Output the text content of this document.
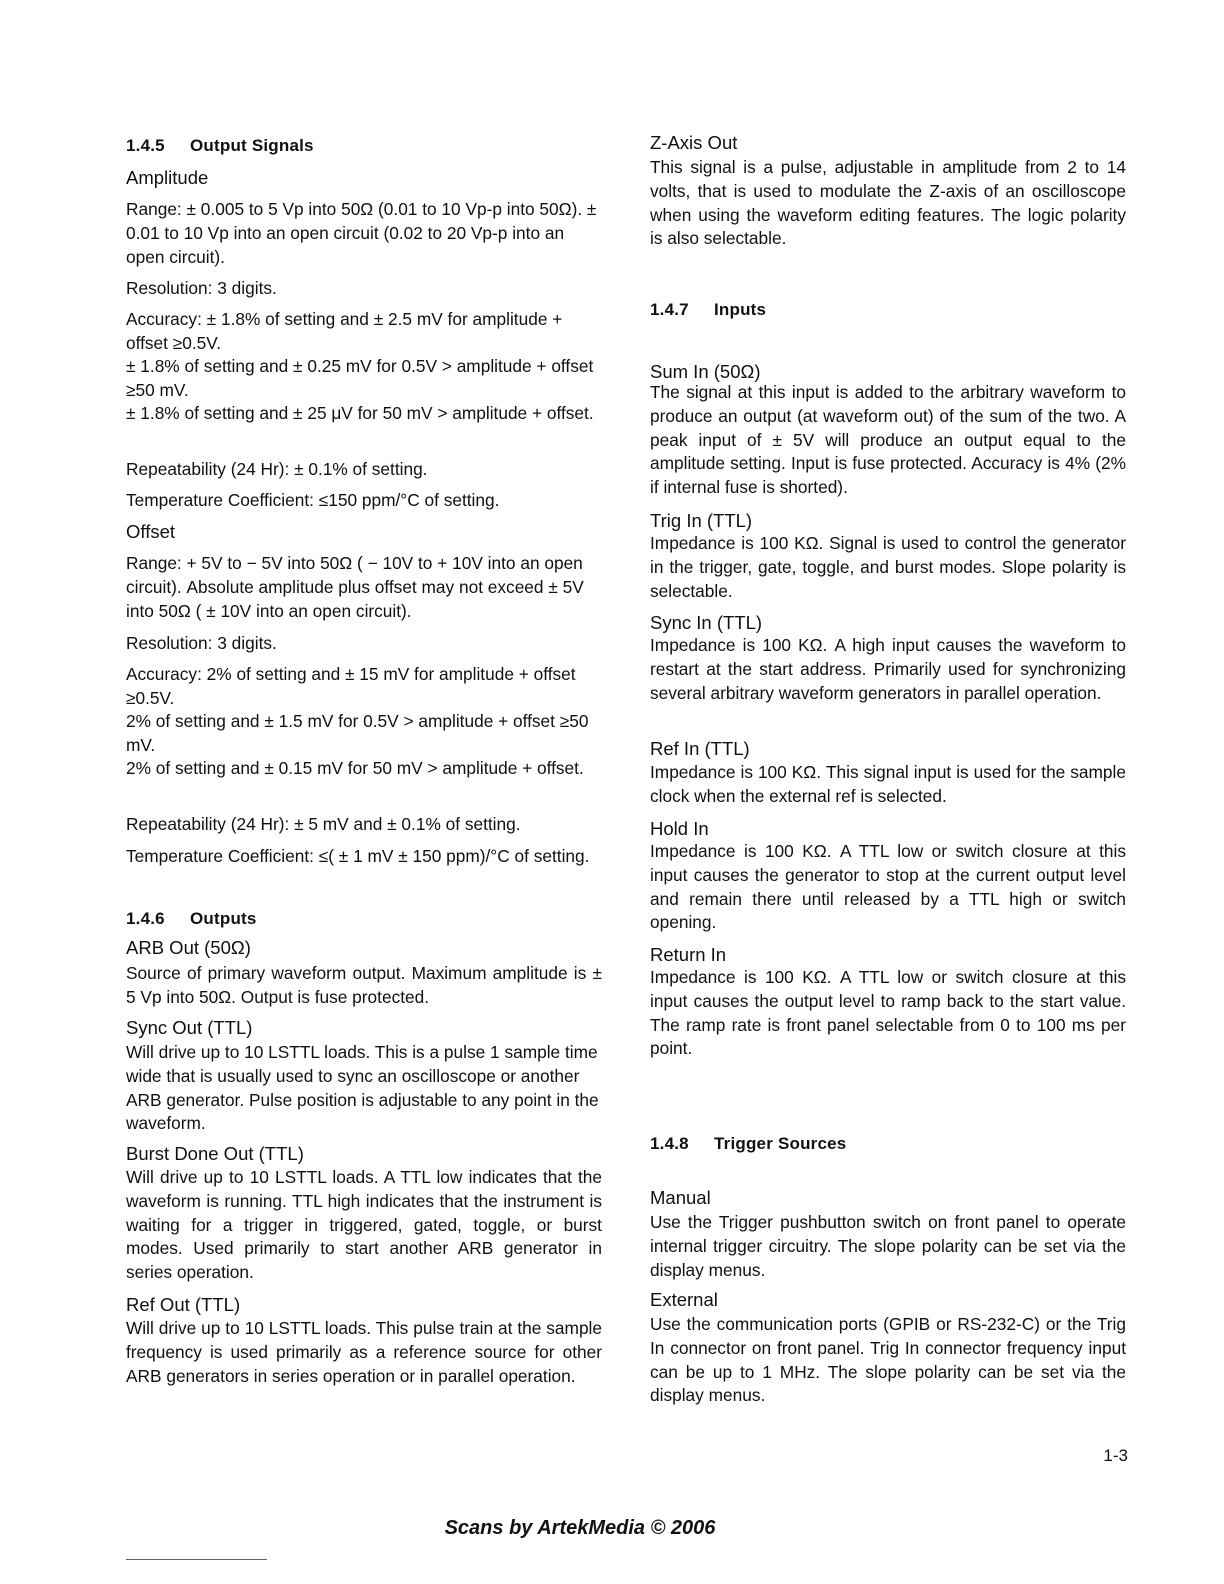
1.4.5 Output Signals
Amplitude
Range: ± 0.005 to 5 Vp into 50Ω (0.01 to 10 Vp-p into 50Ω). ± 0.01 to 10 Vp into an open circuit (0.02 to 20 Vp-p into an open circuit).
Resolution: 3 digits.
Accuracy: ± 1.8% of setting and ± 2.5 mV for amplitude + offset ≥0.5V.
± 1.8% of setting and ± 0.25 mV for 0.5V > amplitude + offset ≥50 mV.
± 1.8% of setting and ± 25 μV for 50 mV > amplitude + offset.
Repeatability (24 Hr): ± 0.1% of setting.
Temperature Coefficient: ≤150 ppm/°C of setting.
Offset
Range: + 5V to − 5V into 50Ω ( − 10V to + 10V into an open circuit). Absolute amplitude plus offset may not exceed ± 5V into 50Ω ( ± 10V into an open circuit).
Resolution: 3 digits.
Accuracy: 2% of setting and ± 15 mV for amplitude + offset ≥0.5V.
2% of setting and ± 1.5 mV for 0.5V > amplitude + offset ≥50 mV.
2% of setting and ± 0.15 mV for 50 mV > amplitude + offset.
Repeatability (24 Hr): ± 5 mV and ± 0.1% of setting.
Temperature Coefficient: ≤( ± 1 mV ± 150 ppm)/°C of setting.
1.4.6 Outputs
ARB Out (50Ω)
Source of primary waveform output. Maximum amplitude is ± 5 Vp into 50Ω. Output is fuse protected.
Sync Out (TTL)
Will drive up to 10 LSTTL loads. This is a pulse 1 sample time wide that is usually used to sync an oscilloscope or another ARB generator. Pulse position is adjustable to any point in the waveform.
Burst Done Out (TTL)
Will drive up to 10 LSTTL loads. A TTL low indicates that the waveform is running. TTL high indicates that the instrument is waiting for a trigger in triggered, gated, toggle, or burst modes. Used primarily to start another ARB generator in series operation.
Ref Out (TTL)
Will drive up to 10 LSTTL loads. This pulse train at the sample frequency is used primarily as a reference source for other ARB generators in series operation or in parallel operation.
Z-Axis Out
This signal is a pulse, adjustable in amplitude from 2 to 14 volts, that is used to modulate the Z-axis of an oscilloscope when using the waveform editing features. The logic polarity is also selectable.
1.4.7 Inputs
Sum In (50Ω)
The signal at this input is added to the arbitrary waveform to produce an output (at waveform out) of the sum of the two. A peak input of ± 5V will produce an output equal to the amplitude setting. Input is fuse protected. Accuracy is 4% (2% if internal fuse is shorted).
Trig In (TTL)
Impedance is 100 KΩ. Signal is used to control the generator in the trigger, gate, toggle, and burst modes. Slope polarity is selectable.
Sync In (TTL)
Impedance is 100 KΩ. A high input causes the waveform to restart at the start address. Primarily used for synchronizing several arbitrary waveform generators in parallel operation.
Ref In (TTL)
Impedance is 100 KΩ. This signal input is used for the sample clock when the external ref is selected.
Hold In
Impedance is 100 KΩ. A TTL low or switch closure at this input causes the generator to stop at the current output level and remain there until released by a TTL high or switch opening.
Return In
Impedance is 100 KΩ. A TTL low or switch closure at this input causes the output level to ramp back to the start value. The ramp rate is front panel selectable from 0 to 100 ms per point.
1.4.8 Trigger Sources
Manual
Use the Trigger pushbutton switch on front panel to operate internal trigger circuitry. The slope polarity can be set via the display menus.
External
Use the communication ports (GPIB or RS-232-C) or the Trig In connector on front panel. Trig In connector frequency input can be up to 1 MHz. The slope polarity can be set via the display menus.
1-3
Scans by ArtekMedia © 2006
